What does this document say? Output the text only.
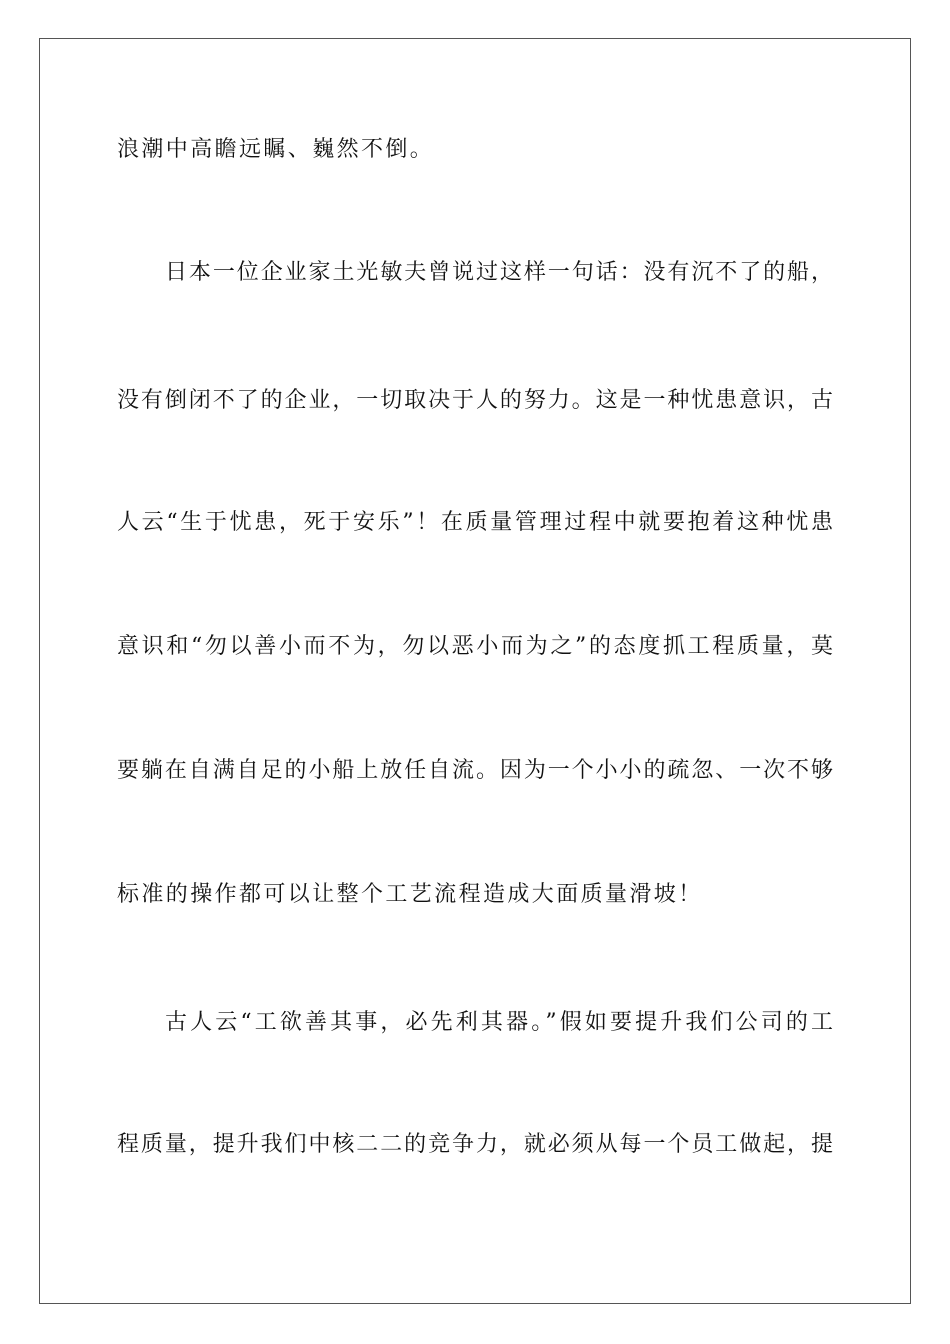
浪潮中高瞻远瞩、巍然不倒。
日本一位企业家土光敏夫曾说过这样一句话：没有沉不了的船，
没有倒闭不了的企业，一切取决于人的努力。这是一种忧患意识，古
人云“生于忧患，死于安乐”！在质量管理过程中就要抱着这种忧患
意识和“勿以善小而不为，勿以恶小而为之”的态度抓工程质量，莫
要躺在自满自足的小船上放任自流。因为一个小小的疏忽、一次不够
标准的操作都可以让整个工艺流程造成大面质量滑坡！
古人云“工欲善其事，必先利其器。”假如要提升我们公司的工
程质量，提升我们中核二二的竞争力，就必须从每一个员工做起，提
